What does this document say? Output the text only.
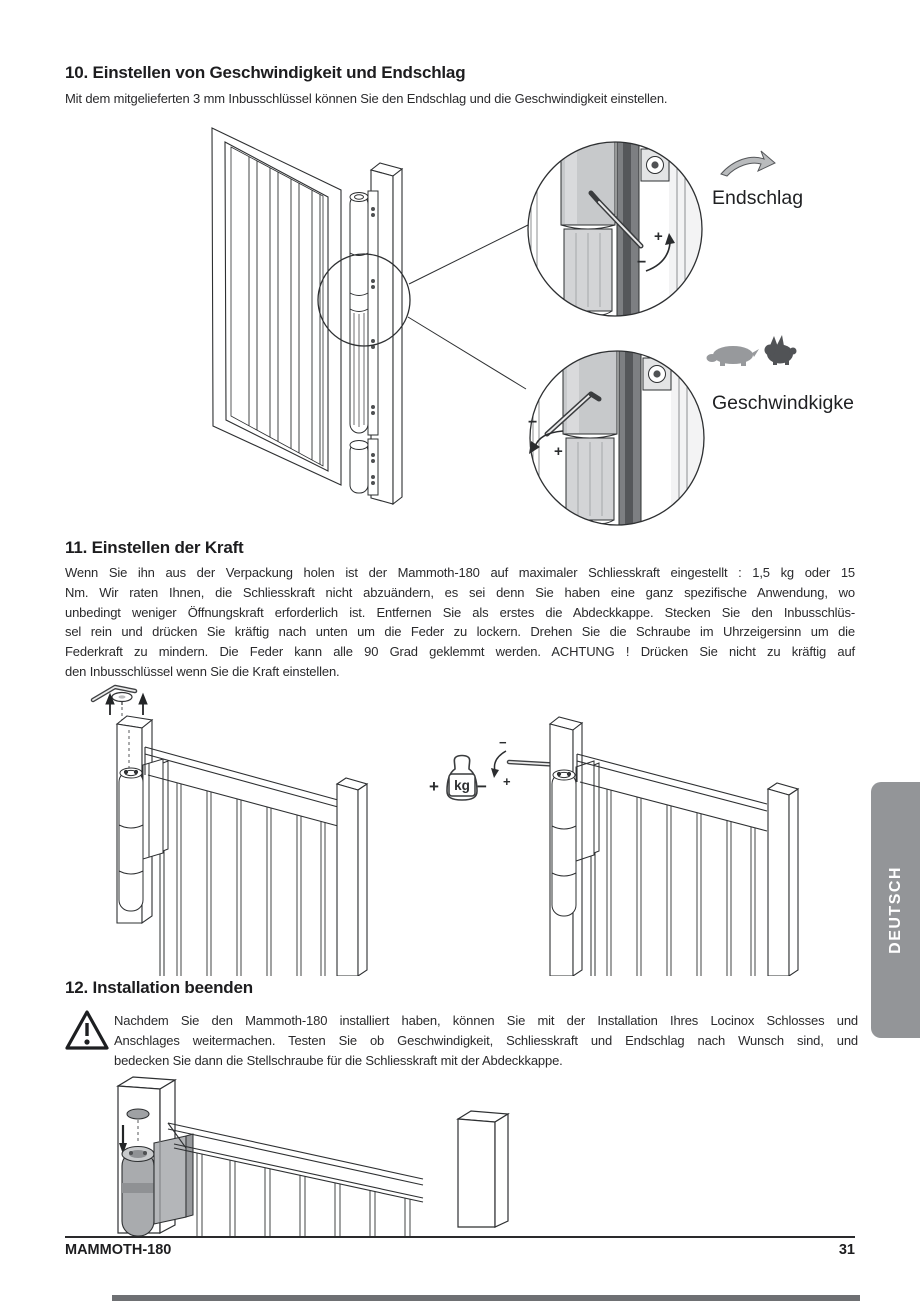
10. Einstellen von Geschwindigkeit und Endschlag

Mit dem mitgelieferten 3 mm Inbusschlüssel können Sie den Endschlag und die Geschwindigkeit einstellen.

+
−
−
+
Endschlag
Geschwindkigkeit
11. Einstellen der Kraft
Wenn Sie ihn aus der Verpackung holen ist der Mammoth-180 auf maximaler Schliesskraft eingestellt : 1,5 kg oder 15
Nm. Wir raten Ihnen, die Schliesskraft nicht abzuändern, es sei denn Sie haben eine ganz spezifische Anwendung, wo
unbedingt weniger Öffnungskraft erforderlich ist. Entfernen Sie als erstes die Abdeckkappe. Stecken Sie den Inbusschlüs-
sel rein und drücken Sie kräftig nach unten um die Feder zu lockern. Drehen Sie die Schraube im Uhrzeigersinn um die
Federkraft zu mindern. Die Feder kann alle 90 Grad geklemmt werden. ACHTUNG ! Drücken Sie nicht zu kräftig auf
den Inbusschlüssel wenn Sie die Kraft einstellen.
+ kg −
−
+
12. Installation beenden
Nachdem Sie den Mammoth-180 installiert haben, können Sie mit der Installation Ihres Locinox Schlosses und
Anschlages weitermachen. Testen Sie ob Geschwindigkeit, Schliesskraft und Endschlag nach Wunsch sind, und
bedecken Sie dann die Stellschraube für die Schliesskraft mit der Abdeckkappe.
DEUTSCH
MAMMOTH-180	31
